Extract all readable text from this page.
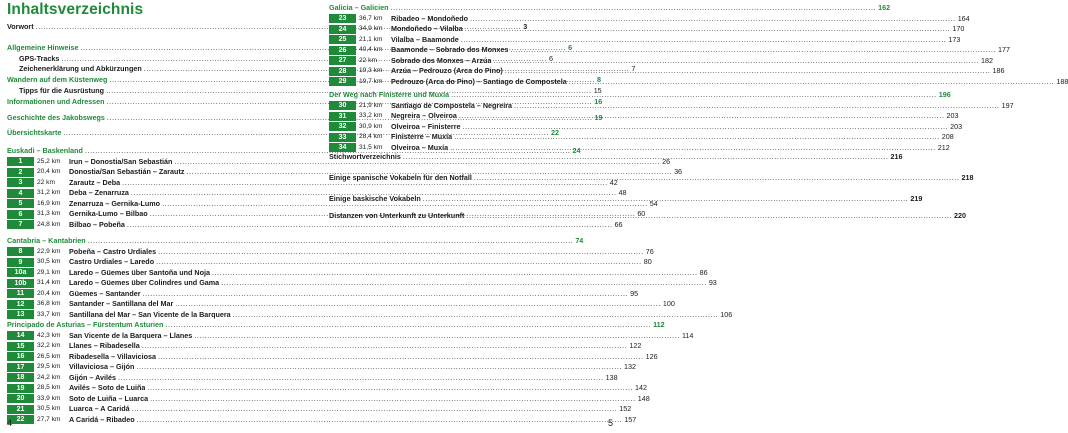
Inhaltsverzeichnis
Vorwort .....	3
Allgemeine Hinweise .....	6
GPS-Tracks .....	6
Zeichenerklärung und Abkürzungen .....	7
Wandern auf dem Küstenweg .....	8
Tipps für die Ausrüstung .....	15
Informationen und Adressen .....	16
Geschichte des Jakobswegs .....	19
Übersichtskarte .....	22
Euskadi – Baskenland .....	24
1	25,2 km	Irun – Donostia/San Sebastián .....	26
2	20,4 km	Donostia/San Sebastián – Zarautz .....	36
3	22 km	Zarautz – Deba .....	42
4	31,2 km	Deba – Zenarruza .....	48
5	16,9 km	Zenarruza – Gernika-Lumo .....	54
6	31,3 km	Gernika-Lumo – Bilbao .....	60
7	24,8 km	Bilbao – Pobeña .....	66
Cantabria – Kantabrien .....	74
8	22,9 km	Pobeña – Castro Urdiales .....	76
9	30,5 km	Castro Urdiales – Laredo .....	80
10a	29,1 km	Laredo – Güemes über Santoña und Noja .....	86
10b	31,4 km	Laredo – Güemes über Colindres und Gama .....	93
11	20,4 km	Güemes – Santander .....	95
12	36,8 km	Santander – Santillana del Mar .....	100
13	33,7 km	Santillana del Mar – San Vicente de la Barquera .....	106
Principado de Asturias – Fürstentum Asturien .....	112
14	42,3 km	San Vicente de la Barquera – Llanes .....	114
15	32,2 km	Llanes – Ribadesella .....	122
16	26,5 km	Ribadesella – Villaviciosa .....	126
17	29,5 km	Villaviciosa – Gijón .....	132
18	24,2 km	Gijón – Avilés .....	138
19	28,5 km	Avilés – Soto de Luiña .....	142
20	33,9 km	Soto de Luiña – Luarca .....	148
21	30,5 km	Luarca – A Caridá .....	152
22	27,7 km	A Caridá – Ribadeo .....	157
4
Galicia – Galicien .....	162
23	36,7 km	Ribadeo – Mondoñedo .....	164
24	34,9 km	Mondoñedo – Vilalba .....	170
25	21,1 km	Vilalba – Baamonde .....	173
26	40,4 km	Baamonde – Sobrado dos Monxes .....	177
27	22 km	Sobrado dos Monxes – Arzúa .....	182
28	19,3 km	Arzúa – Pedrouzo (Arca do Pino) .....	186
29	19,7 km	Pedrouzo (Arca do Pino) – Santiago de Compostela .....	188
Der Weg nach Finisterre und Muxía .....	196
30	21,9 km	Santiago de Compostela – Negreira .....	197
31	33,2 km	Negreira – Olveiroa .....	203
32	30,9 km	Olveiroa – Finisterre .....	203
33	28,4 km	Finisterre – Muxía .....	208
34	31,5 km	Olveiroa – Muxía .....	212
Stichwortverzeichnis .....	216
Einige spanische Vokabeln für den Notfall .....	218
Einige baskische Vokabeln .....	219
Distanzen von Unterkunft zu Unterkunft .....	220
5
